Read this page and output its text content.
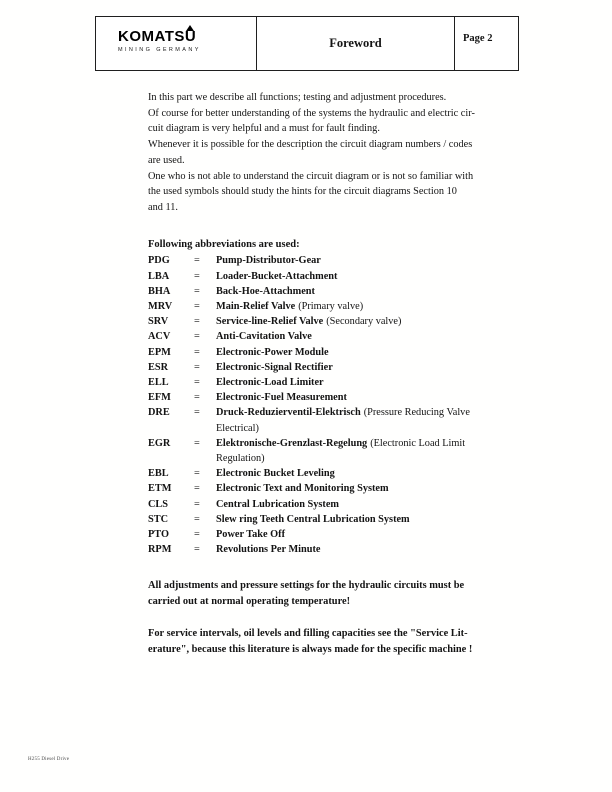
KOMATSU
MINING GERMANY	Foreword	Page 2
In this part we describe all functions; testing and adjustment procedures.
Of course for better understanding of the systems the hydraulic and electric cir-
cuit diagram is very helpful and a must for fault finding.
Whenever it is possible for the description the circuit diagram numbers / codes
are used.
One who is not able to understand the circuit diagram or is not so familiar with
the used symbols should study the hints for the circuit diagrams Section 10
and 11.
Following abbreviations are used:
PDG	=	Pump-Distributor-Gear
LBA	=	Loader-Bucket-Attachment
BHA	=	Back-Hoe-Attachment
MRV	=	Main-Relief Valve (Primary valve)
SRV	=	Service-line-Relief Valve (Secondary valve)
ACV	=	Anti-Cavitation Valve
EPM	=	Electronic-Power Module
ESR	=	Electronic-Signal Rectifier
ELL	=	Electronic-Load Limiter
EFM	=	Electronic-Fuel Measurement
DRE	=	Druck-Reduzierventil-Elektrisch (Pressure Reducing Valve Electrical)
EGR	=	Elektronische-Grenzlast-Regelung (Electronic Load Limit Regulation)
EBL	=	Electronic Bucket Leveling
ETM	=	Electronic Text and Monitoring System
CLS	=	Central Lubrication System
STC	=	Slew ring Teeth Central Lubrication System
PTO	=	Power Take Off
RPM	=	Revolutions Per Minute
All adjustments and pressure settings for the hydraulic circuits must be
carried out at normal operating temperature!
For service intervals, oil levels and filling capacities see the "Service Lit-
erature", because this literature is always made for the specific machine !
H255 Diesel Drive
